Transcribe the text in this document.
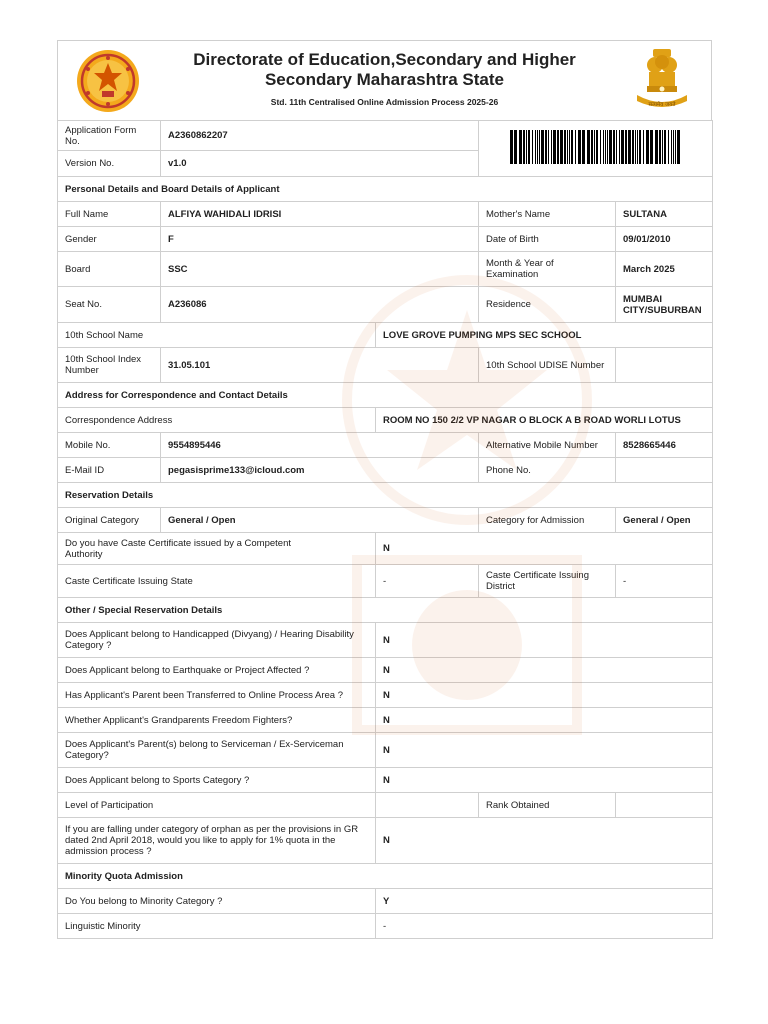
Directorate of Education,Secondary and Higher
Secondary Maharashtra State
Std. 11th Centralised Online Admission Process 2025-26	सत्यमेव जयते
Application Form No.	A2360862207	
Version No.	v1.0			
Personal Details and Board Details of Applicant				
Full Name	ALFIYA WAHIDALI IDRISI		Mother's Name	SULTANA
Gender	F		Date of Birth	09/01/2010
Board	SSC		Month & Year of Examination	March 2025
Seat No.	A236086		Residence	MUMBAI CITY/SUBURBAN
10th School Name		LOVE GROVE PUMPING MPS SEC SCHOOL		
10th School Index Number	31.05.101		10th School UDISE Number	
Address for Correspondence and Contact Details				
Correspondence Address		ROOM NO 150 2/2 VP NAGAR O BLOCK A B ROAD WORLI LOTUS		
Mobile No.	9554895446		Alternative Mobile Number	8528665446
E-Mail ID	pegasisprime133@icloud.com		Phone No.	
Reservation Details				
Original Category	General / Open		Category for Admission	General / Open
Do you have Caste Certificate issued by a Competent Authority		N		
Caste Certificate Issuing State		-	Caste Certificate Issuing District	-
Other / Special Reservation Details				
Does Applicant belong to Handicapped (Divyang) / Hearing Disability Category ?		N		
Does Applicant belong to Earthquake or Project Affected ?		N		
Has Applicant's Parent been Transferred to Online Process Area ?		N		
Whether Applicant's Grandparents Freedom Fighters?		N		
Does Applicant's Parent(s) belong to Serviceman / Ex-Serviceman Category?		N		
Does Applicant belong to Sports Category ?		N		
Level of Participation			Rank Obtained	
If you are falling under category of orphan as per the provisions in GR dated 2nd April 2018, would you like to apply for 1% quota in the admission process ?		N		
Minority Quota Admission				
Do You belong to Minority Category ?		Y		
Linguistic Minority		-		
